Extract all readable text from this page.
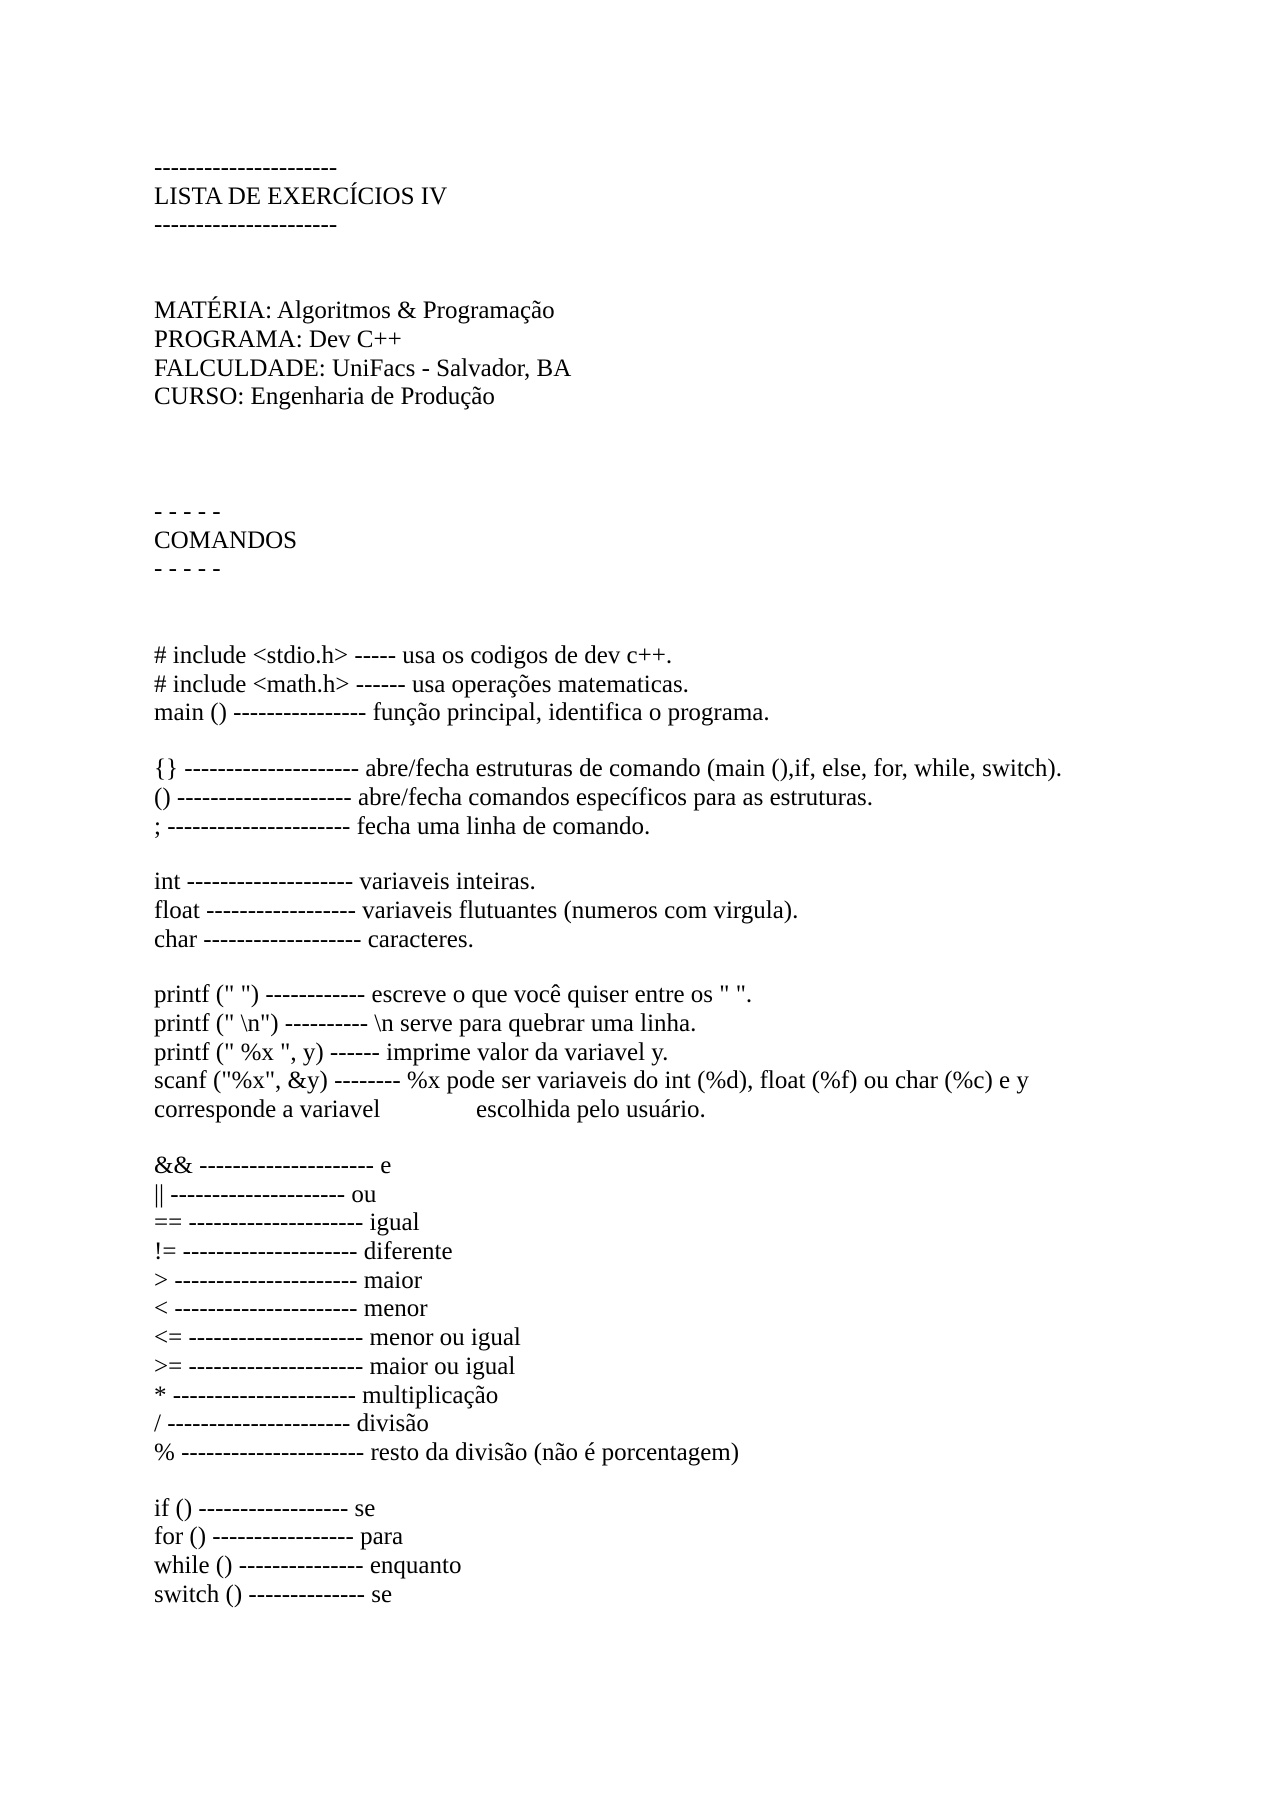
----------------------
LISTA DE EXERCÍCIOS IV
----------------------
MATÉRIA: Algoritmos & Programação
PROGRAMA: Dev C++
FALCULDADE: UniFacs - Salvador, BA
CURSO: Engenharia de Produção
- - - - -
COMANDOS
- - - - -
# include <stdio.h> ----- usa os codigos de dev c++.
# include <math.h> ------ usa operações matematicas.
main () ---------------- função principal, identifica o programa.
{} --------------------- abre/fecha estruturas de comando (main (),if, else, for, while, switch).
() --------------------- abre/fecha comandos específicos para as estruturas.
; ---------------------- fecha uma linha de comando.
int -------------------- variaveis inteiras.
float ------------------ variaveis flutuantes (numeros com virgula).
char ------------------- caracteres.
printf (" ") ------------ escreve o que você quiser entre os " ".
printf (" \n") ---------- \n serve para quebrar uma linha.
printf (" %x ", y) ------ imprime valor da variavel y.
scanf ("%x", &y) -------- %x pode ser variaveis do int (%d), float (%f) ou char (%c) e y
corresponde a variavel	escolhida pelo usuário.
&& --------------------- e
|| --------------------- ou
== --------------------- igual
!= --------------------- diferente
> ---------------------- maior
< ---------------------- menor
<= --------------------- menor ou igual
>= --------------------- maior ou igual
* ---------------------- multiplicação
/ ---------------------- divisão
% ---------------------- resto da divisão (não é porcentagem)
if () ------------------ se
for () ----------------- para
while () --------------- enquanto
switch () -------------- se
